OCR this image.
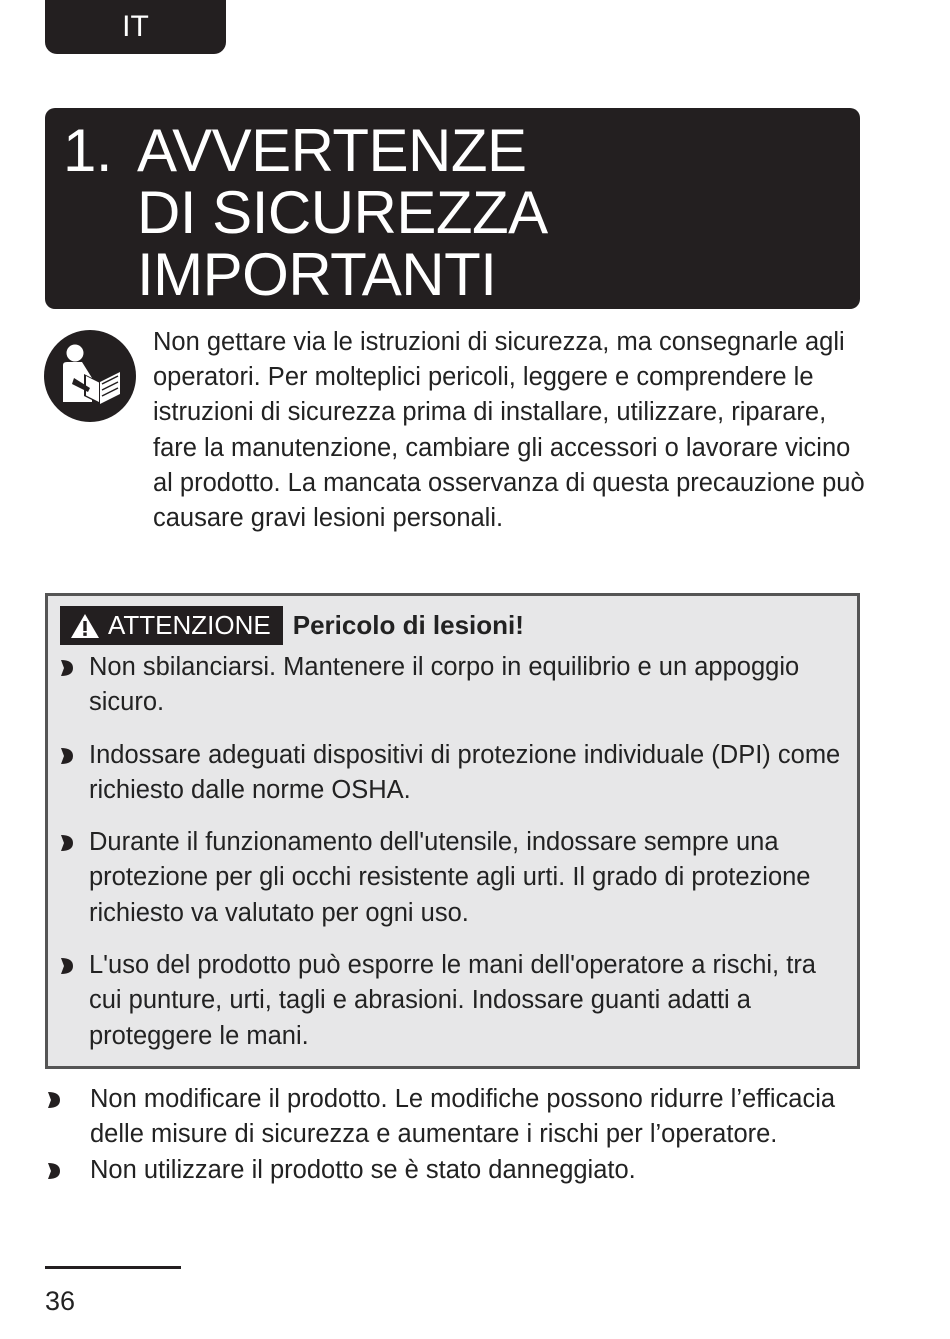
IT
1. AVVERTENZE
DI SICUREZZA
IMPORTANTI
Non gettare via le istruzioni di sicurezza, ma consegnarle agli operatori. Per molteplici pericoli, leggere e comprendere le istruzioni di sicurezza prima di installare, utilizzare, riparare, fare la manutenzione, cambiare gli accessori o lavorare vicino al prodotto. La mancata osservanza di questa precauzione può causare gravi lesioni personali.
ATTENZIONE Pericolo di lesioni!
Non sbilanciarsi. Mantenere il corpo in equilibrio e un appoggio sicuro.
Indossare adeguati dispositivi di protezione individuale (DPI) come richiesto dalle norme OSHA.
Durante il funzionamento dell'utensile, indossare sempre una protezione per gli occhi resistente agli urti. Il grado di protezione richiesto va valutato per ogni uso.
L'uso del prodotto può esporre le mani dell'operatore a rischi, tra cui punture, urti, tagli e abrasioni. Indossare guanti adatti a proteggere le mani.
Non modificare il prodotto. Le modifiche possono ridurre l’efficacia delle misure di sicurezza e aumentare i rischi per l’operatore.
Non utilizzare il prodotto se è stato danneggiato.
36
